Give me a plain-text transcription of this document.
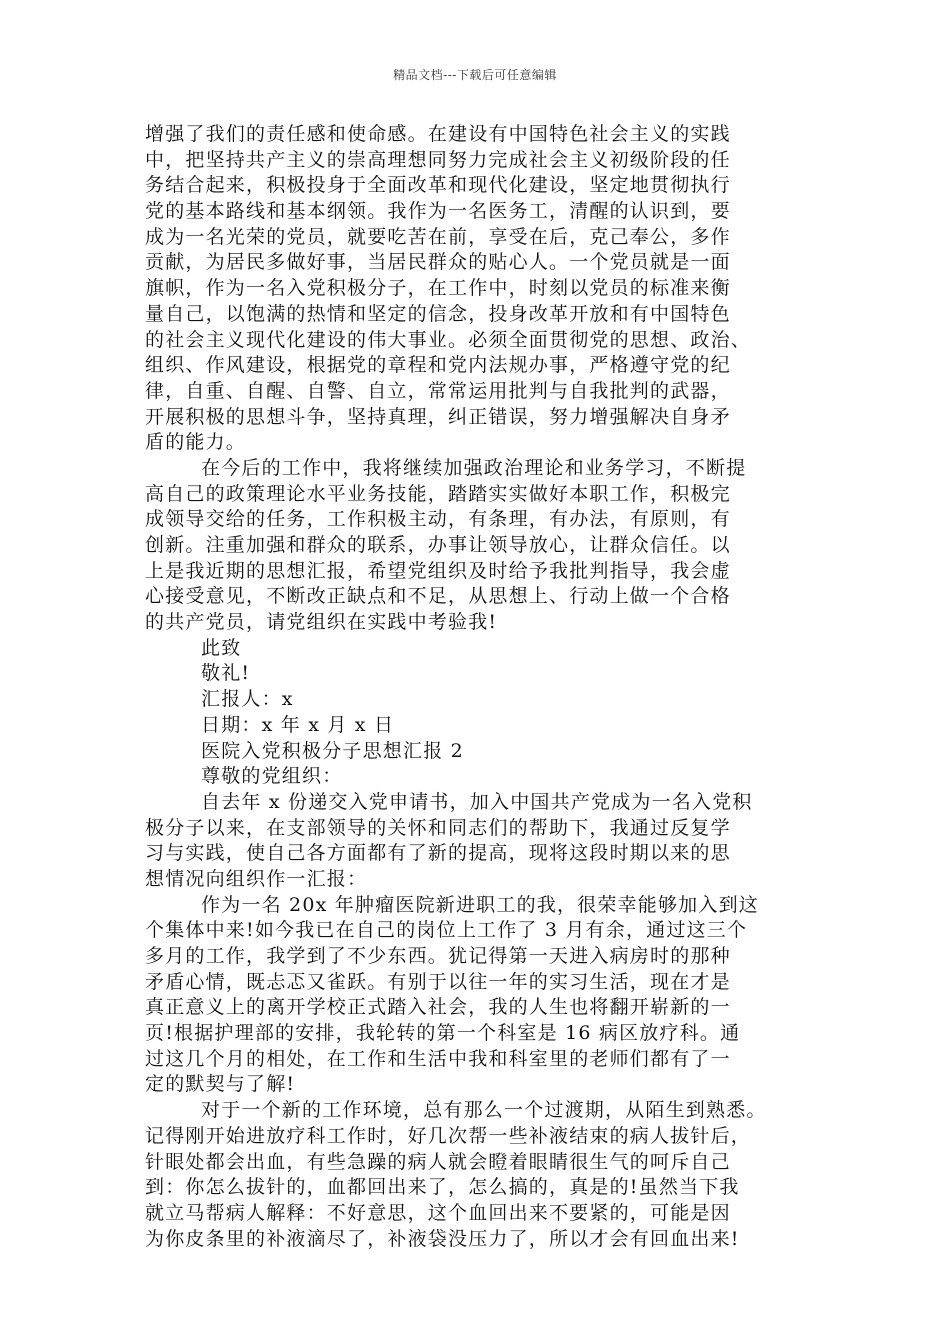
精品文档---下载后可任意编辑
增强了我们的责任感和使命感。在建设有中国特色社会主义的实践
中，把坚持共产主义的崇高理想同努力完成社会主义初级阶段的任
务结合起来，积极投身于全面改革和现代化建设，坚定地贯彻执行
党的基本路线和基本纲领。我作为一名医务工，清醒的认识到，要
成为一名光荣的党员，就要吃苦在前，享受在后，克己奉公，多作
贡献，为居民多做好事，当居民群众的贴心人。一个党员就是一面
旗帜，作为一名入党积极分子，在工作中，时刻以党员的标准来衡
量自己，以饱满的热情和坚定的信念，投身改革开放和有中国特色
的社会主义现代化建设的伟大事业。必须全面贯彻党的思想、政治、
组织、作风建设，根据党的章程和党内法规办事，严格遵守党的纪
律，自重、自醒、自警、自立，常常运用批判与自我批判的武器，
开展积极的思想斗争，坚持真理，纠正错误，努力增强解决自身矛
盾的能力。
在今后的工作中，我将继续加强政治理论和业务学习，不断提
高自己的政策理论水平业务技能，踏踏实实做好本职工作，积极完
成领导交给的任务，工作积极主动，有条理，有办法，有原则，有
创新。注重加强和群众的联系，办事让领导放心，让群众信任。以
上是我近期的思想汇报，希望党组织及时给予我批判指导，我会虚
心接受意见，不断改正缺点和不足，从思想上、行动上做一个合格
的共产党员，请党组织在实践中考验我!
此致
敬礼!
汇报人：x
日期：x 年 x 月 x 日
医院入党积极分子思想汇报 2
尊敬的党组织：
自去年 x 份递交入党申请书，加入中国共产党成为一名入党积
极分子以来，在支部领导的关怀和同志们的帮助下，我通过反复学
习与实践，使自己各方面都有了新的提高，现将这段时期以来的思
想情况向组织作一汇报：
作为一名 20x 年肿瘤医院新进职工的我，很荣幸能够加入到这
个集体中来!如今我已在自己的岗位上工作了 3 月有余，通过这三个
多月的工作，我学到了不少东西。犹记得第一天进入病房时的那种
矛盾心情，既忐忑又雀跃。有别于以往一年的实习生活，现在才是
真正意义上的离开学校正式踏入社会，我的人生也将翻开崭新的一
页!根据护理部的安排，我轮转的第一个科室是 16 病区放疗科。通
过这几个月的相处，在工作和生活中我和科室里的老师们都有了一
定的默契与了解!
对于一个新的工作环境，总有那么一个过渡期，从陌生到熟悉。
记得刚开始进放疗科工作时，好几次帮一些补液结束的病人拔针后，
针眼处都会出血，有些急躁的病人就会瞪着眼睛很生气的呵斥自己
到：你怎么拔针的，血都回出来了，怎么搞的，真是的!虽然当下我
就立马帮病人解释：不好意思，这个血回出来不要紧的，可能是因
为你皮条里的补液滴尽了，补液袋没压力了，所以才会有回血出来!
